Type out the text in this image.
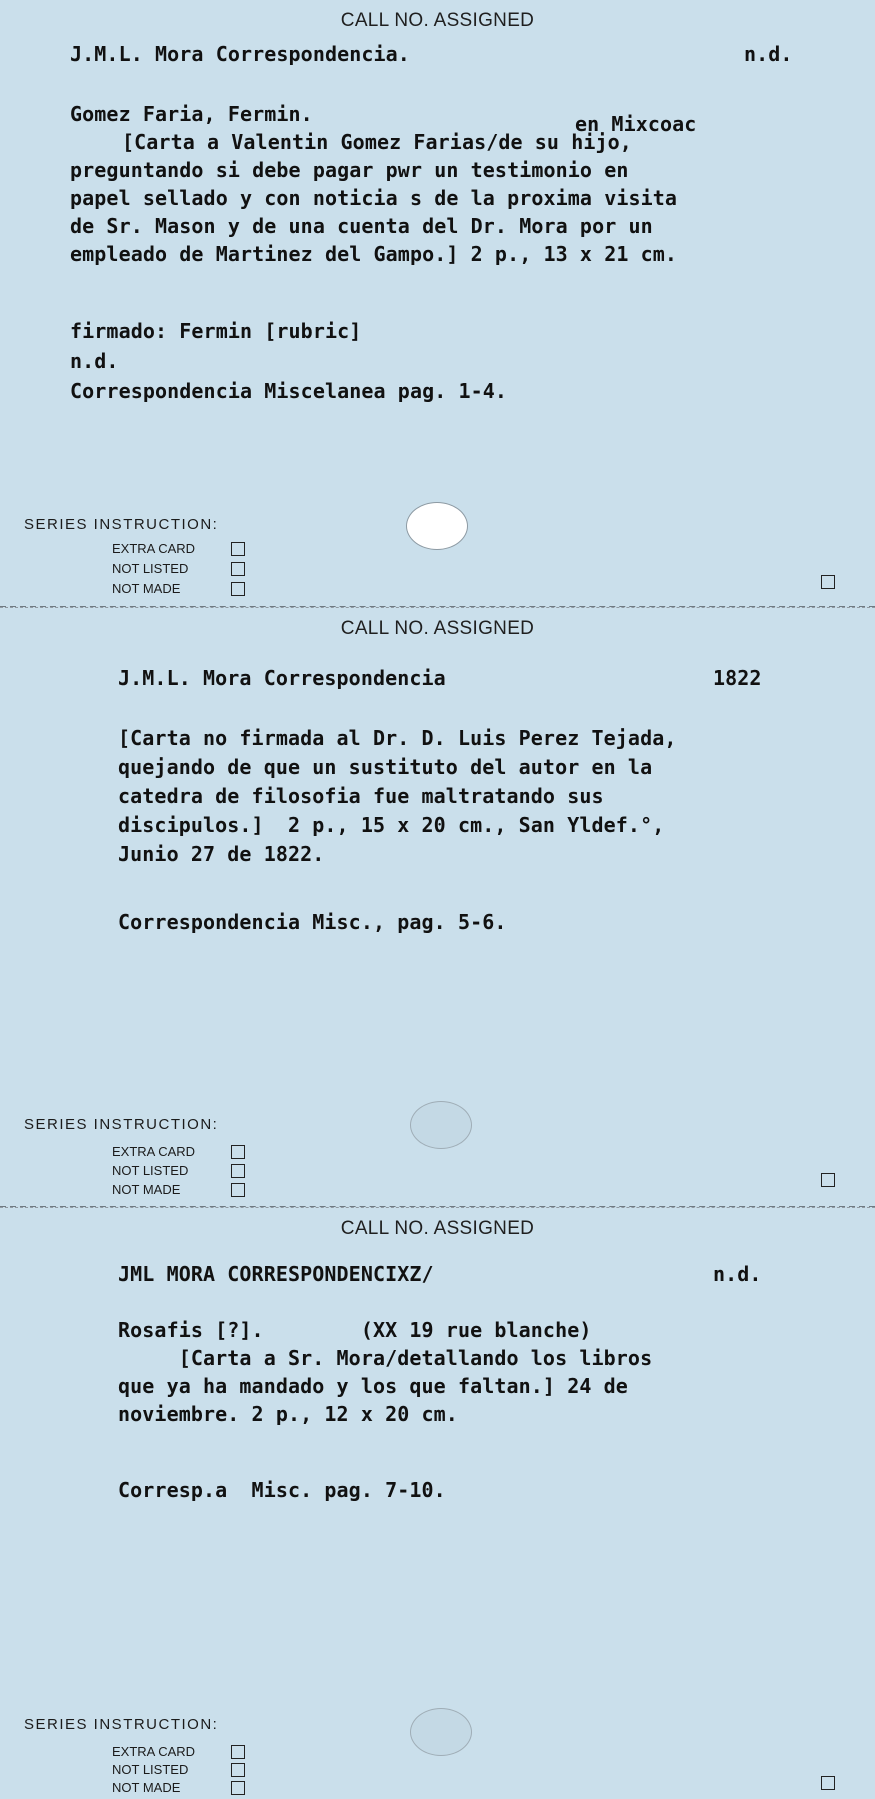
CALL NO. ASSIGNED
J.M.L. Mora Correspondencia.	n.d.
en Mixcoac

Gomez Faria, Fermin.

[Carta a Valentin Gomez Farias/de su hijo,

preguntando si debe pagar pwr un testimonio en

papel sellado y con noticia s de la proxima visita

de Sr. Mason y de una cuenta del Dr. Mora por un

empleado de Martinez del Gampo.] 2 p., 13 x 21 cm.

firmado: Fermin [rubric]

n.d.

Correspondencia Miscelanea pag. 1-4.

SERIES INSTRUCTION:
EXTRA CARD
NOT LISTED
NOT MADE
CALL NO. ASSIGNED
J.M.L. Mora Correspondencia	1822

[Carta no firmada al Dr. D. Luis Perez Tejada,

quejando de que un sustituto del autor en la

catedra de filosofia fue maltratando sus

discipulos.]  2 p., 15 x 20 cm., San Yldef.°,

Junio 27 de 1822.

Correspondencia Misc., pag. 5-6.

SERIES INSTRUCTION:
EXTRA CARD
NOT LISTED
NOT MADE
CALL NO. ASSIGNED
JML MORA CORRESPONDENCIXZ/	n.d.

Rosafis [?].        (XX 19 rue blanche)

[Carta a Sr. Mora/detallando los libros

que ya ha mandado y los que faltan.] 24 de

noviembre. 2 p., 12 x 20 cm.

Corresp.a  Misc. pag. 7-10.

SERIES INSTRUCTION:
EXTRA CARD
NOT LISTED
NOT MADE
